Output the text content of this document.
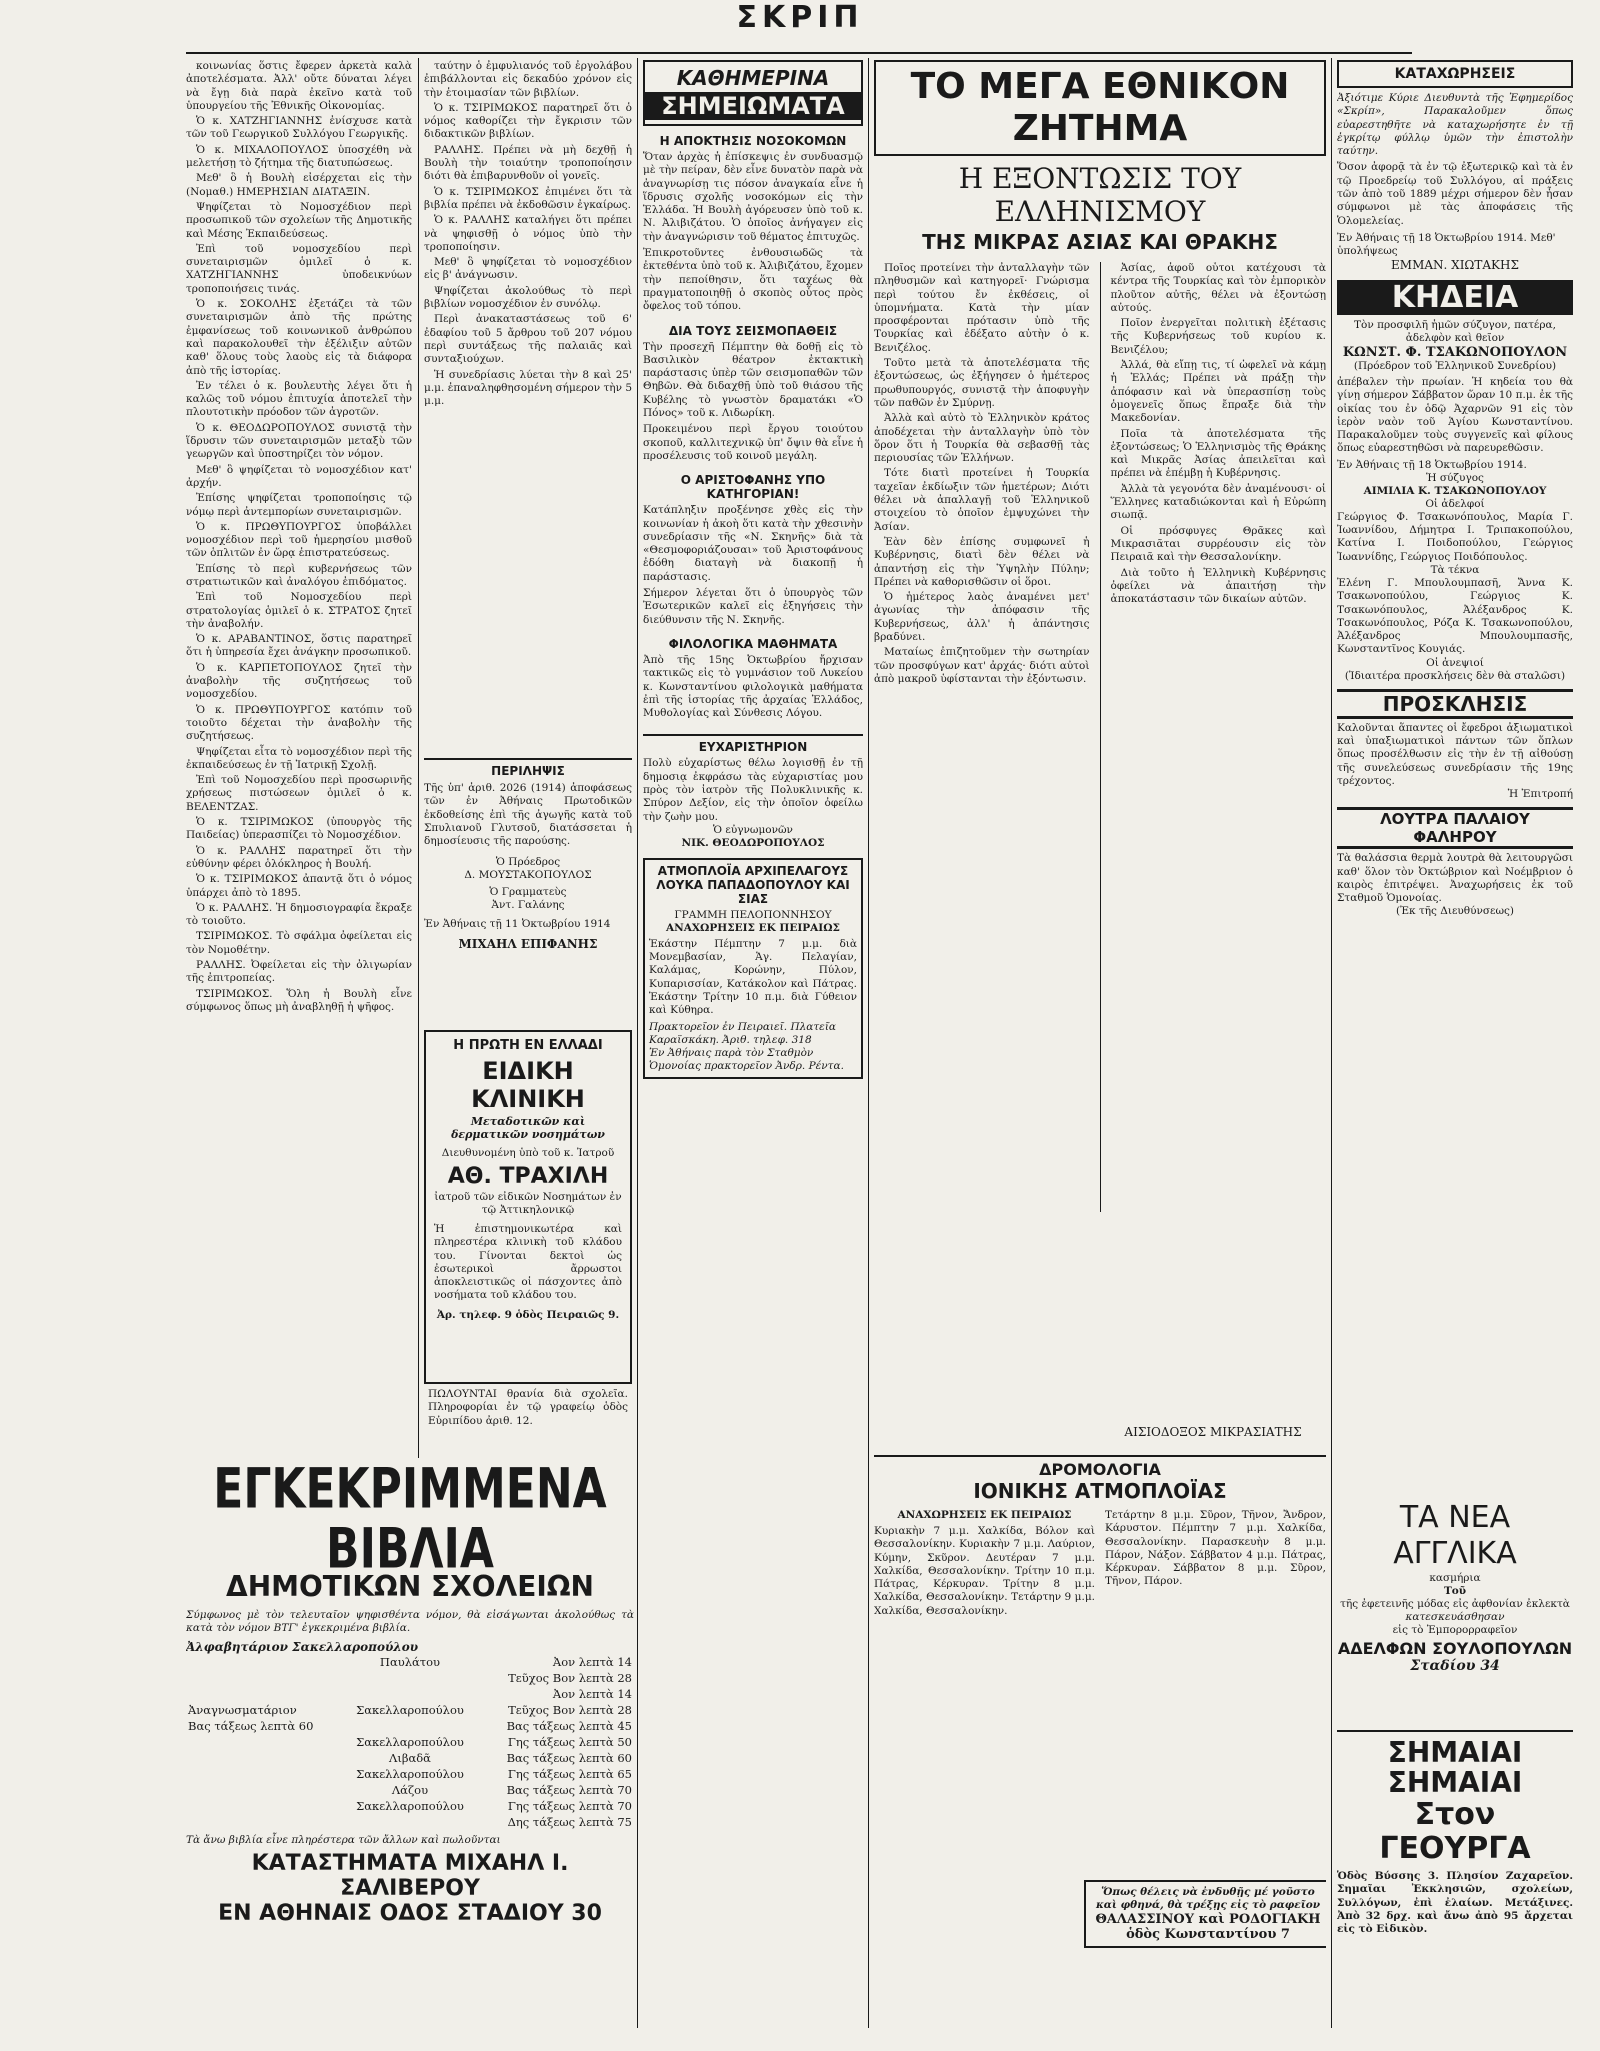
ΣΚΡΙΠ

κοινωνίας ὅστις ἔφερεν ἀρκετὰ καλὰ ἀποτελέσματα. Ἀλλ' οὔτε δύναται λέγει νὰ ἔγῃ διὰ παρὰ ἐκεῖνο κατὰ τοῦ ὑπουργείου τῆς Ἐθνικῆς Οἰκονομίας.

Ὁ κ. ΧΑΤΖΗΓΙΑΝΝΗΣ ἐνίσχυσε κατὰ τῶν τοῦ Γεωργικοῦ Συλλόγου Γεωργικῆς.

Ὁ κ. ΜΙΧΑΛΟΠΟΥΛΟΣ ὑποσχέθη νὰ μελετήσῃ τὸ ζήτημα τῆς διατυπώσεως.

Μεθ' ὃ ἡ Βουλὴ εἰσέρχεται εἰς τὴν (Νομαθ.) ΗΜΕΡΗΣΙΑΝ ΔΙΑΤΑΞΙΝ.

Ψηφίζεται τὸ Νομοσχέδιον περὶ προσωπικοῦ τῶν σχολείων τῆς Δημοτικῆς καὶ Μέσης Ἐκπαιδεύσεως.

Ἐπὶ τοῦ νομοσχεδίου περὶ συνεταιρισμῶν ὁμιλεῖ ὁ κ. ΧΑΤΖΗΓΙΑΝΝΗΣ ὑποδεικνύων τροποποιήσεις τινάς.

Ὁ κ. ΣΟΚΟΛΗΣ ἐξετάζει τὰ τῶν συνεταιρισμῶν ἀπὸ τῆς πρώτης ἐμφανίσεως τοῦ κοινωνικοῦ ἀνθρώπου καὶ παρακολουθεῖ τὴν ἐξέλιξιν αὐτῶν καθ' ὅλους τοὺς λαοὺς εἰς τὰ διάφορα ἀπὸ τῆς ἱστορίας.

Ἐν τέλει ὁ κ. βουλευτὴς λέγει ὅτι ἡ καλῶς τοῦ νόμου ἐπιτυχία ἀποτελεῖ τὴν πλουτοτικὴν πρόοδον τῶν ἀγροτῶν.

Ὁ κ. ΘΕΟΔΩΡΟΠΟΥΛΟΣ συνιστᾷ τὴν ἵδρυσιν τῶν συνεταιρισμῶν μεταξὺ τῶν γεωργῶν καὶ ὑποστηρίζει τὸν νόμον.

Μεθ' ὃ ψηφίζεται τὸ νομοσχέδιον κατ' ἀρχήν.

Ἐπίσης ψηφίζεται τροποποίησις τῷ νόμῳ περὶ ἀντεμπορίων συνεταιρισμῶν.

Ὁ κ. ΠΡΩΘΥΠΟΥΡΓΟΣ ὑποβάλλει νομοσχέδιον περὶ τοῦ ἡμερησίου μισθοῦ τῶν ὁπλιτῶν ἐν ὥρᾳ ἐπιστρατεύσεως.

Ἐπίσης τὸ περὶ κυβερνήσεως τῶν στρατιωτικῶν καὶ ἀναλόγου ἐπιδόματος.

Ἐπὶ τοῦ Νομοσχεδίου περὶ στρατολογίας ὁμιλεῖ ὁ κ. ΣΤΡΑΤΟΣ ζητεῖ τὴν ἀναβολήν.

Ὁ κ. ΑΡΑΒΑΝΤΙΝΟΣ, ὅστις παρατηρεῖ ὅτι ἡ ὑπηρεσία ἔχει ἀνάγκην προσωπικοῦ.

Ὁ κ. ΚΑΡΠΕΤΟΠΟΥΛΟΣ ζητεῖ τὴν ἀναβολὴν τῆς συζητήσεως τοῦ νομοσχεδίου.

Ὁ κ. ΠΡΩΘΥΠΟΥΡΓΟΣ κατόπιν τοῦ τοιοῦτο δέχεται τὴν ἀναβολὴν τῆς συζητήσεως.

Ψηφίζεται εἶτα τὸ νομοσχέδιον περὶ τῆς ἐκπαιδεύσεως ἐν τῇ Ἰατρικῇ Σχολῇ.

Ἐπὶ τοῦ Νομοσχεδίου περὶ προσωρινῆς χρήσεως πιστώσεων ὁμιλεῖ ὁ κ. ΒΕΛΕΝΤΖΑΣ.

Ὁ κ. ΤΣΙΡΙΜΩΚΟΣ (ὑπουργὸς τῆς Παιδείας) ὑπερασπίζει τὸ Νομοσχέδιον.

Ὁ κ. ΡΑΛΛΗΣ παρατηρεῖ ὅτι τὴν εὐθύνην φέρει ὁλόκληρος ἡ Βουλή.

Ὁ κ. ΤΣΙΡΙΜΩΚΟΣ ἀπαντᾷ ὅτι ὁ νόμος ὑπάρχει ἀπὸ τὸ 1895.

Ὁ κ. ΡΑΛΛΗΣ. Ἡ δημοσιογραφία ἔκραξε τὸ τοιοῦτο.

ΤΣΙΡΙΜΩΚΟΣ. Τὸ σφάλμα ὀφείλεται εἰς τὸν Νομοθέτην.

ΡΑΛΛΗΣ. Ὀφείλεται εἰς τὴν ὀλιγωρίαν τῆς ἐπιτροπείας.

ΤΣΙΡΙΜΩΚΟΣ. Ὅλη ἡ Βουλὴ εἶνε σύμφωνος ὅπως μὴ ἀναβληθῇ ἡ ψῆφος.

ταύτην ὁ ἐμφυλιανός τοῦ ἐργολάβου ἐπιβάλλονται εἰς δεκαδύο χρόνον εἰς τὴν ἑτοιμασίαν τῶν βιβλίων.

Ὁ κ. ΤΣΙΡΙΜΩΚΟΣ παρατηρεῖ ὅτι ὁ νόμος καθορίζει τὴν ἔγκρισιν τῶν διδακτικῶν βιβλίων.

ΡΑΛΛΗΣ. Πρέπει νὰ μὴ δεχθῇ ἡ Βουλὴ τὴν τοιαύτην τροποποίησιν διότι θὰ ἐπιβαρυνθοῦν οἱ γονεῖς.

Ὁ κ. ΤΣΙΡΙΜΩΚΟΣ ἐπιμένει ὅτι τὰ βιβλία πρέπει νὰ ἐκδοθῶσιν ἐγκαίρως.

Ὁ κ. ΡΑΛΛΗΣ καταλήγει ὅτι πρέπει νὰ ψηφισθῇ ὁ νόμος ὑπὸ τὴν τροποποίησιν.

Μεθ' ὃ ψηφίζεται τὸ νομοσχέδιον εἰς β' ἀνάγνωσιν.

Ψηφίζεται ἀκολούθως τὸ περὶ βιβλίων νομοσχέδιον ἐν συνόλῳ.

Περὶ ἀνακαταστάσεως τοῦ 6' ἐδαφίου τοῦ 5 ἄρθρου τοῦ 207 νόμου περὶ συντάξεως τῆς παλαιᾶς καὶ συνταξιούχων.

Ἡ συνεδρίασις λύεται τὴν 8 καὶ 25' μ.μ. ἐπαναληφθησομένη σήμερον τὴν 5 μ.μ.

ΠΕΡΙΛΗΨΙΣ
Τῆς ὑπ' ἀριθ. 2026 (1914) ἀποφάσεως τῶν ἐν Ἀθήναις Πρωτοδικῶν ἐκδοθείσης ἐπὶ τῆς ἀγωγῆς κατὰ τοῦ Σπυλιανοῦ Γλυτσοῦ, διατάσσεται ἡ δημοσίευσις τῆς παρούσης.
Ὁ Πρόεδρος
Δ. ΜΟΥΣΤΑΚΟΠΟΥΛΟΣ
Ὁ Γραμματεὺς
Ἀντ. Γαλάνης
Ἐν Ἀθήναις τῇ 11 Ὀκτωβρίου 1914
ΜΙΧΑΗΛ ΕΠΙΦΑΝΗΣ
Η ΠΡΩΤΗ ΕΝ ΕΛΛΑΔΙ
ΕΙΔΙΚΗ ΚΛΙΝΙΚΗ
Μεταδοτικῶν καὶ δερματικῶν νοσημάτων
Διευθυνομένη ὑπὸ τοῦ κ. Ἰατροῦ
ΑΘ. ΤΡΑΧΙΛΗ
ἰατροῦ τῶν εἰδικῶν Νοσημάτων ἐν τῷ Ἀττικηλονικῷ
Ἡ ἐπιστημονικωτέρα καὶ πληρεστέρα κλινικὴ τοῦ κλάδου του. Γίνονται δεκτοὶ ὡς ἐσωτερικοὶ ἄρρωστοι ἀποκλειστικῶς οἱ πάσχοντες ἀπὸ νοσήματα τοῦ κλάδου του.
Ἀρ. τηλεφ. 9 ὁδὸς Πειραιῶς 9.
ΠΩΛΟΥΝΤΑΙ θρανία διὰ σχολεῖα. Πληροφορίαι ἐν τῷ γραφείῳ ὁδὸς Εὐριπίδου ἀριθ. 12.
ΕΓΚΕΚΡΙΜΜΕΝΑ ΒΙΒΛΙΑ
ΔΗΜΟΤΙΚΩΝ ΣΧΟΛΕΙΩΝ
Σύμφωνος μὲ τὸν τελευταῖον ψηφισθέντα νόμον, θὰ εἰσάγωνται ἀκολούθως τὰ κατὰ τὸν νόμον ΒΤΓ' ἐγκεκριμένα βιβλία.
Ἀλφαβητάριον Σακελλαροπούλου
	Παυλάτου	Ἀον λεπτὰ 14
		Τεῦχος Βον λεπτὰ 28
		Ἀον λεπτὰ 14
Ἀναγνωσματάριον	Σακελλαροπούλου	Τεῦχος Βον λεπτὰ 28
Βας τάξεως λεπτὰ 60		Βας τάξεως λεπτὰ 45
	Σακελλαροπούλου	Γης τάξεως λεπτὰ 50
	Λιβαδᾶ	Βας τάξεως λεπτὰ 60
	Σακελλαροπούλου	Γης τάξεως λεπτὰ 65
	Λάζου	Βας τάξεως λεπτὰ 70
	Σακελλαροπούλου	Γης τάξεως λεπτὰ 70
		Δης τάξεως λεπτὰ 75
Τὰ ἄνω βιβλία εἶνε πληρέστερα τῶν ἄλλων καὶ πωλοῦνται
ΚΑΤΑΣΤΗΜΑΤΑ ΜΙΧΑΗΛ Ι. ΣΑΛΙΒΕΡΟΥ
ΕΝ ΑΘΗΝΑΙΣ ΟΔΟΣ ΣΤΑΔΙΟΥ 30
ΚΑΘΗΜΕΡΙΝΑ
ΣΗΜΕΙΩΜΑΤΑ
Η ΑΠΟΚΤΗΣΙΣ ΝΟΣΟΚΟΜΩΝ
Ὅταν ἀρχὰς ἡ ἐπίσκεψις ἐν συνδυασμῷ μὲ τὴν πείραν, δὲν εἶνε δυνατὸν παρὰ νὰ ἀναγνωρίσῃ τις πόσον ἀναγκαία εἶνε ἡ ἵδρυσις σχολῆς νοσοκόμων εἰς τὴν Ἑλλάδα. Ἡ Βουλὴ ἀγόρευσεν ὑπὸ τοῦ κ. Ν. Ἀλιβιζάτου. Ὁ ὁποῖος ἀνήγαγεν εἰς τὴν ἀναγνώρισιν τοῦ θέματος ἐπιτυχῶς.
Ἐπικροτοῦντες ἐνθουσιωδῶς τὰ ἐκτεθέντα ὑπὸ τοῦ κ. Ἀλιβιζάτου, ἔχομεν τὴν πεποίθησιν, ὅτι ταχέως θὰ πραγματοποιηθῇ ὁ σκοπὸς οὗτος πρὸς ὄφελος τοῦ τόπου.
ΔΙΑ ΤΟΥΣ ΣΕΙΣΜΟΠΑΘΕΙΣ
Τὴν προσεχῆ Πέμπτην θὰ δοθῇ εἰς τὸ Βασιλικὸν θέατρον ἐκτακτικὴ παράστασις ὑπὲρ τῶν σεισμοπαθῶν τῶν Θηβῶν. Θὰ διδαχθῇ ὑπὸ τοῦ θιάσου τῆς Κυβέλης τὸ γνωστὸν δραματάκι «Ὁ Πόνος» τοῦ κ. Λιδωρίκη.
Προκειμένου περὶ ἔργου τοιούτου σκοποῦ, καλλιτεχνικῷ ὑπ' ὄψιν θὰ εἶνε ἡ προσέλευσις τοῦ κοινοῦ μεγάλη.
Ο ΑΡΙΣΤΟΦΑΝΗΣ ΥΠΟ ΚΑΤΗΓΟΡΙΑΝ!
Κατάπληξιν προξένησε χθὲς εἰς τὴν κοινωνίαν ἡ ἀκοὴ ὅτι κατὰ τὴν χθεσινὴν συνεδρίασιν τῆς «Ν. Σκηνῆς» διὰ τὰ «Θεσμοφοριάζουσαι» τοῦ Ἀριστοφάνους ἐδόθη διαταγὴ νὰ διακοπῇ ἡ παράστασις.
Σήμερον λέγεται ὅτι ὁ ὑπουργὸς τῶν Ἐσωτερικῶν καλεῖ εἰς ἐξηγήσεις τὴν διεύθυνσιν τῆς Ν. Σκηνῆς.
ΦΙΛΟΛΟΓΙΚΑ ΜΑΘΗΜΑΤΑ
Ἀπὸ τῆς 15ης Ὀκτωβρίου ἤρχισαν τακτικῶς εἰς τὸ γυμνάσιον τοῦ Λυκείου κ. Κωνσταντίνου φιλολογικὰ μαθήματα ἐπὶ τῆς ἱστορίας τῆς ἀρχαίας Ἑλλάδος, Μυθολογίας καὶ Σύνθεσις Λόγου.
ΕΥΧΑΡΙΣΤΗΡΙΟΝ
Πολὺ εὐχαρίστως θέλω λογισθῇ ἐν τῇ δημοσιᾳ ἐκφράσω τὰς εὐχαριστίας μου πρὸς τὸν ἰατρὸν τῆς Πολυκλινικῆς κ. Σπύρον Δεξίον, εἰς τὴν ὁποῖον ὀφείλω τὴν ζωὴν μου.
Ὁ εὐγνωμονῶν
ΝΙΚ. ΘΕΟΔΩΡΟΠΟΥΛΟΣ
ΑΤΜΟΠΛΟΪΑ ΑΡΧΙΠΕΛΑΓΟΥΣ
ΛΟΥΚΑ ΠΑΠΑΔΟΠΟΥΛΟΥ ΚΑΙ ΣΙΑΣ
ΓΡΑΜΜΗ ΠΕΛΟΠΟΝΝΗΣΟΥ
ΑΝΑΧΩΡΗΣΕΙΣ ΕΚ ΠΕΙΡΑΙΩΣ
Ἑκάστην Πέμπτην 7 μ.μ. διὰ Μονεμβασίαν, Ἁγ. Πελαγίαν, Καλάμας, Κορώνην, Πύλον, Κυπαρισσίαν, Κατάκολον καὶ Πάτρας. Ἑκάστην Τρίτην 10 π.μ. διὰ Γύθειον καὶ Κύθηρα.
Πρακτορεῖον ἐν Πειραιεῖ. Πλατεῖα Καραϊσκάκη. Ἀριθ. τηλεφ. 318
Ἐν Ἀθήναις παρὰ τὸν Σταθμὸν Ὁμονοίας πρακτορεῖον Ἀνδρ. Ρέντα.
ΤΟ ΜΕΓΑ ΕΘΝΙΚΟΝ ΖΗΤΗΜΑ
Η ΕΞΟΝΤΩΣΙΣ ΤΟΥ ΕΛΛΗΝΙΣΜΟΥ
ΤΗΣ ΜΙΚΡΑΣ ΑΣΙΑΣ ΚΑΙ ΘΡΑΚΗΣ

Ποῖος προτείνει τὴν ἀνταλλαγὴν τῶν πληθυσμῶν καὶ κατηγορεῖ· Γνώρισμα περὶ τούτου ἔν ἐκθέσεις, οἱ ὑπομνήματα. Κατὰ τὴν μίαν προσφέρονται πρότασιν ὑπὸ τῆς Τουρκίας καὶ ἐδέξατο αὐτὴν ὁ κ. Βενιζέλος.

Τοῦτο μετὰ τὰ ἀποτελέσματα τῆς ἐξοντώσεως, ὡς ἐξήγησεν ὁ ἡμέτερος πρωθυπουργός, συνιστᾷ τὴν ἀποφυγὴν τῶν παθῶν ἐν Σμύρνῃ.

Ἀλλὰ καὶ αὐτὸ τὸ Ἑλληνικὸν κράτος ἀποδέχεται τὴν ἀνταλλαγὴν ὑπὸ τὸν ὅρον ὅτι ἡ Τουρκία θὰ σεβασθῇ τὰς περιουσίας τῶν Ἑλλήνων.

Τότε διατὶ προτείνει ἡ Τουρκία ταχεῖαν ἐκδίωξιν τῶν ἡμετέρων; Διότι θέλει νὰ ἀπαλλαγῇ τοῦ Ἑλληνικοῦ στοιχείου τὸ ὁποῖον ἐμψυχώνει τὴν Ἀσίαν.

Ἐὰν δὲν ἐπίσης συμφωνεῖ ἡ Κυβέρνησις, διατὶ δὲν θέλει νὰ ἀπαντήσῃ εἰς τὴν Ὑψηλὴν Πύλην; Πρέπει νὰ καθορισθῶσιν οἱ ὅροι.

Ὁ ἡμέτερος λαὸς ἀναμένει μετ' ἀγωνίας τὴν ἀπόφασιν τῆς Κυβερνήσεως, ἀλλ' ἡ ἀπάντησις βραδύνει.

Ματαίως ἐπιζητοῦμεν τὴν σωτηρίαν τῶν προσφύγων κατ' ἀρχάς· διότι αὐτοὶ ἀπὸ μακροῦ ὑφίστανται τὴν ἐξόντωσιν.

Ἀσίας, ἀφοῦ οὗτοι κατέχουσι τὰ κέντρα τῆς Τουρκίας καὶ τὸν ἐμπορικὸν πλοῦτον αὐτῆς, θέλει νὰ ἐξοντώσῃ αὐτούς.

Ποῖον ἐνεργεῖται πολιτικὴ ἐξέτασις τῆς Κυβερνήσεως τοῦ κυρίου κ. Βενιζέλου;

Ἀλλά, θὰ εἴπῃ τις, τί ὠφελεῖ νὰ κάμῃ ἡ Ἑλλάς; Πρέπει νὰ πράξῃ τὴν ἀπόφασιν καὶ νὰ ὑπερασπίσῃ τοὺς ὁμογενεῖς ὅπως ἔπραξε διὰ τὴν Μακεδονίαν.

Ποῖα τὰ ἀποτελέσματα τῆς ἐξοντώσεως; Ὁ Ἑλληνισμὸς τῆς Θράκης καὶ Μικρᾶς Ἀσίας ἀπειλεῖται καὶ πρέπει νὰ ἐπέμβῃ ἡ Κυβέρνησις.

Ἀλλὰ τὰ γεγονότα δὲν ἀναμένουσι· οἱ Ἕλληνες καταδιώκονται καὶ ἡ Εὐρώπη σιωπᾷ.

Οἱ πρόσφυγες Θρᾶκες καὶ Μικρασιᾶται συρρέουσιν εἰς τὸν Πειραιᾶ καὶ τὴν Θεσσαλονίκην.

Διὰ τοῦτο ἡ Ἑλληνικὴ Κυβέρνησις ὀφείλει νὰ ἀπαιτήσῃ τὴν ἀποκατάστασιν τῶν δικαίων αὐτῶν.

ΑΙΣΙΟΔΟΞΟΣ ΜΙΚΡΑΣΙΑΤΗΣ
ΔΡΟΜΟΛΟΓΙΑ
ΙΟΝΙΚΗΣ ΑΤΜΟΠΛΟΪΑΣ
ΑΝΑΧΩΡΗΣΕΙΣ ΕΚ ΠΕΙΡΑΙΩΣ
Κυριακὴν 7 μ.μ. Χαλκίδα, Βόλον καὶ Θεσσαλονίκην. Κυριακὴν 7 μ.μ. Λαύριον, Κύμην, Σκῦρον. Δευτέραν 7 μ.μ. Χαλκίδα, Θεσσαλονίκην. Τρίτην 10 π.μ. Πάτρας, Κέρκυραν. Τρίτην 8 μ.μ. Χαλκίδα, Θεσσαλονίκην. Τετάρτην 9 μ.μ. Χαλκίδα, Θεσσαλονίκην.
Τετάρτην 8 μ.μ. Σῦρον, Τῆνον, Ἄνδρον, Κάρυστον. Πέμπτην 7 μ.μ. Χαλκίδα, Θεσσαλονίκην. Παρασκευὴν 8 μ.μ. Πάρον, Νάξον. Σάββατον 4 μ.μ. Πάτρας, Κέρκυραν. Σάββατον 8 μ.μ. Σῦρον, Τῆνον, Πάρον.
Ὅπως θέλεις νὰ ἐνδυθῇς μέ γοῦστο καὶ φθηνά, θὰ τρέξῃς εἰς τὸ ραφεῖον
ΘΑΛΑΣΣΙΝΟΥ καὶ ΡΟΔΟΓΙΑΚΗ ὁδὸς Κωνσταντίνου 7
ΚΑΤΑΧΩΡΗΣΕΙΣ
Ἀξιότιμε Κύριε Διευθυντὰ τῆς Ἐφημερίδος «Σκρίπ», Παρακαλοῦμεν ὅπως εὐαρεστηθῆτε νὰ καταχωρήσητε ἐν τῇ ἐγκρίτῳ φύλλῳ ὑμῶν τὴν ἐπιστολὴν ταύτην.
Ὅσον ἀφορᾷ τὰ ἐν τῷ ἐξωτερικῷ καὶ τὰ ἐν τῷ Προεδρείῳ τοῦ Συλλόγου, αἱ πράξεις τῶν ἀπὸ τοῦ 1889 μέχρι σήμερον δὲν ἦσαν σύμφωνοι μὲ τὰς ἀποφάσεις τῆς Ὁλομελείας.
Ἐν Ἀθήναις τῇ 18 Ὀκτωβρίου 1914. Μεθ' ὑπολήψεως
ΕΜΜΑΝ. ΧΙΩΤΑΚΗΣ
ΚΗΔΕΙΑ
Τὸν προσφιλῆ ἡμῶν σύζυγον, πατέρα, ἀδελφὸν καὶ θεῖον
ΚΩΝΣΤ. Φ. ΤΣΑΚΩΝΟΠΟΥΛΟΝ
(Πρόεδρον τοῦ Ἐλληνικοῦ Συνεδρίου)
ἀπέβαλεν τὴν πρωίαν. Ἡ κηδεία του θὰ γίνῃ σήμερον Σάββατον ὥραν 10 π.μ. ἐκ τῆς οἰκίας του ἐν ὁδῷ Ἀχαρνῶν 91 εἰς τὸν ἱερὸν ναὸν τοῦ Ἁγίου Κωνσταντίνου. Παρακαλοῦμεν τοὺς συγγενεῖς καὶ φίλους ὅπως εὐαρεστηθῶσι νὰ παρευρεθῶσιν.
Ἐν Ἀθήναις τῇ 18 Ὀκτωβρίου 1914.
Ἡ σύζυγος
ΑΙΜΙΛΙΑ Κ. ΤΣΑΚΩΝΟΠΟΥΛΟΥ
Οἱ ἀδελφοί
Γεώργιος Φ. Τσακωνόπουλος, Μαρία Γ. Ἰωαννίδου, Δήμητρα Ι. Τριπακοπούλου, Κατίνα Ι. Ποιδοπούλου, Γεώργιος Ἰωαννίδης, Γεώργιος Ποιδόπουλος.
Τὰ τέκνα
Ἐλένη Γ. Μπουλουμπασῆ, Ἄννα Κ. Τσακωνοπούλου, Γεώργιος Κ. Τσακωνόπουλος, Ἀλέξανδρος Κ. Τσακωνόπουλος, Ρόζα Κ. Τσακωνοπούλου, Ἀλέξανδρος Μπουλουμπασῆς, Κωνσταντῖνος Κουγιάς.
Οἱ ἀνεψιοί
(Ἰδιαιτέρα προσκλήσεις δὲν θὰ σταλῶσι)
ΠΡΟΣΚΛΗΣΙΣ
Καλοῦνται ἅπαντες οἱ ἔφεδροι ἀξιωματικοὶ καὶ ὑπαξιωματικοὶ πάντων τῶν ὅπλων ὅπως προσέλθωσιν εἰς τὴν ἐν τῇ αἰθούσῃ τῆς συνελεύσεως συνεδρίασιν τῆς 19ης τρέχοντος.
Ἡ Ἐπιτροπή
ΛΟΥΤΡΑ ΠΑΛΑΙΟΥ ΦΑΛΗΡΟΥ
Τὰ θαλάσσια θερμὰ λουτρὰ θὰ λειτουργῶσι καθ' ὅλον τὸν Ὀκτώβριον καὶ Νοέμβριον ὁ καιρὸς ἐπιτρέψει. Ἀναχωρήσεις ἐκ τοῦ Σταθμοῦ Ὁμονοίας.
(Ἐκ τῆς Διευθύνσεως)
ΤΑ ΝΕΑ ΑΓΓΛΙΚΑ
κασμήρια
Τοῦ
τῆς ἐφετεινῆς μόδας εἰς ἀφθονίαν ἐκλεκτὰ
κατεσκευάσθησαν
εἰς τὸ Ἐμπορορραφεῖον
ΑΔΕΛΦΩΝ ΣΟΥΛΟΠΟΥΛΩΝ
Σταδίου 34
ΣΗΜΑΙΑΙ
ΣΗΜΑΙΑΙ
Στον ΓΕΟΥΡΓΑ
Ὁδὸς Βύσσης 3. Πλησίον Ζαχαρεῖον. Σημαῖαι Ἐκκλησιῶν, σχολείων, Συλλόγων, ἐπὶ ἐλαίων. Μετάξινες. Ἀπὸ 32 δρχ. καὶ ἄνω ἀπὸ 95 ἄρχεται εἰς τὸ Εἰδικὸν.
